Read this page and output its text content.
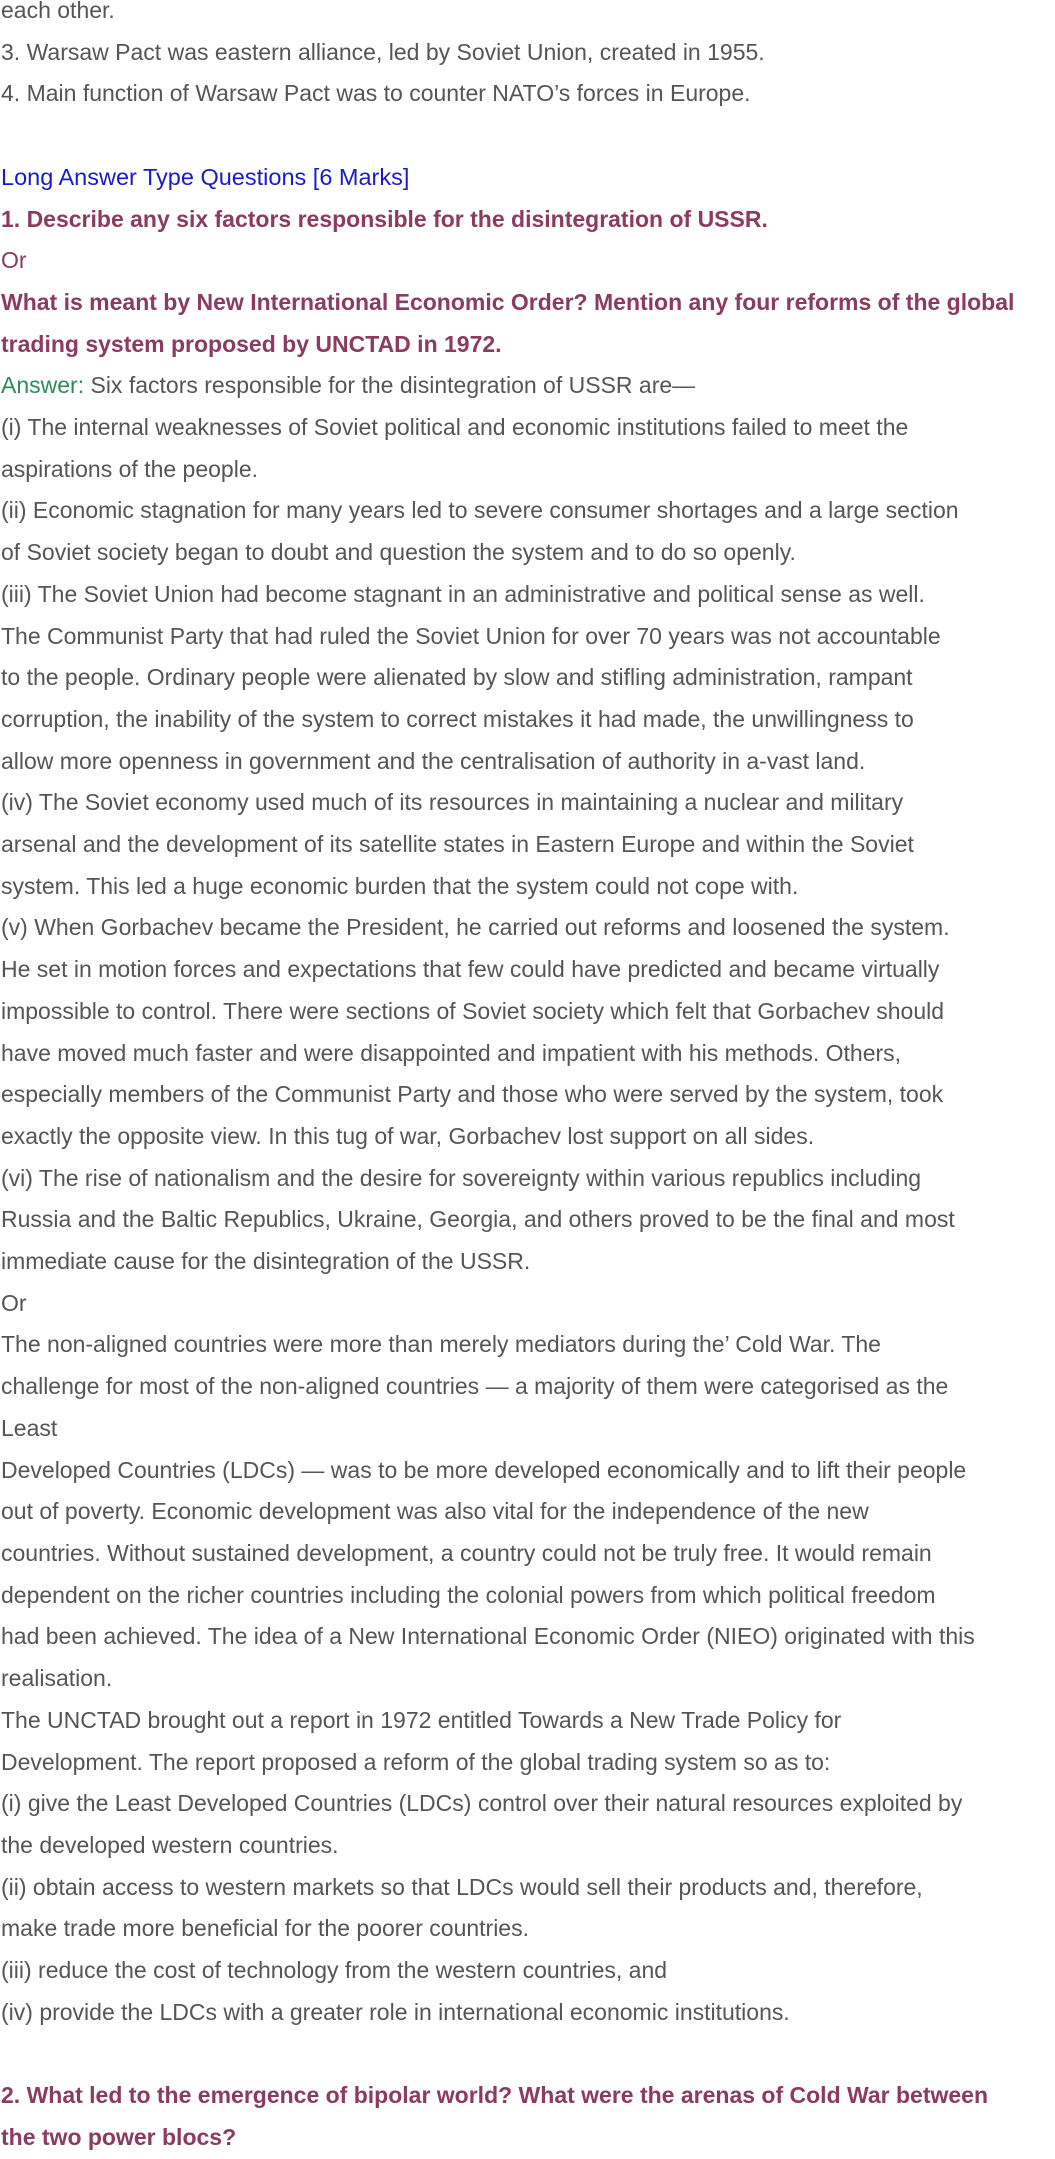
each other.
3. Warsaw Pact was eastern alliance, led by Soviet Union, created in 1955.
4. Main function of Warsaw Pact was to counter NATO’s forces in Europe.
Long Answer Type Questions [6 Marks]
1. Describe any six factors responsible for the disintegration of USSR.
Or
What is meant by New International Economic Order? Mention any four reforms of the global
trading system proposed by UNCTAD in 1972.
Answer: Six factors responsible for the disintegration of USSR are—
(i) The internal weaknesses of Soviet political and economic institutions failed to meet the
aspirations of the people.
(ii) Economic stagnation for many years led to severe consumer shortages and a large section
of Soviet society began to doubt and question the system and to do so openly.
(iii) The Soviet Union had become stagnant in an administrative and political sense as well.
The Communist Party that had ruled the Soviet Union for over 70 years was not accountable
to the people. Ordinary people were alienated by slow and stifling administration, rampant
corruption, the inability of the system to correct mistakes it had made, the unwillingness to
allow more openness in government and the centralisation of authority in a-vast land.
(iv) The Soviet economy used much of its resources in maintaining a nuclear and military
arsenal and the development of its satellite states in Eastern Europe and within the Soviet
system. This led a huge economic burden that the system could not cope with.
(v) When Gorbachev became the President, he carried out reforms and loosened the system.
He set in motion forces and expectations that few could have predicted and became virtually
impossible to control. There were sections of Soviet society which felt that Gorbachev should
have moved much faster and were disappointed and impatient with his methods. Others,
especially members of the Communist Party and those who were served by the system, took
exactly the opposite view. In this tug of war, Gorbachev lost support on all sides.
(vi) The rise of nationalism and the desire for sovereignty within various republics including
Russia and the Baltic Republics, Ukraine, Georgia, and others proved to be the final and most
immediate cause for the disintegration of the USSR.
Or
The non-aligned countries were more than merely mediators during the’ Cold War. The
challenge for most of the non-aligned countries — a majority of them were categorised as the
Least
Developed Countries (LDCs) — was to be more developed economically and to lift their people
out of poverty. Economic development was also vital for the independence of the new
countries. Without sustained development, a country could not be truly free. It would remain
dependent on the richer countries including the colonial powers from which political freedom
had been achieved. The idea of a New International Economic Order (NIEO) originated with this
realisation.
The UNCTAD brought out a report in 1972 entitled Towards a New Trade Policy for
Development. The report proposed a reform of the global trading system so as to:
(i) give the Least Developed Countries (LDCs) control over their natural resources exploited by
the developed western countries.
(ii) obtain access to western markets so that LDCs would sell their products and, therefore,
make trade more beneficial for the poorer countries.
(iii) reduce the cost of technology from the western countries, and
(iv) provide the LDCs with a greater role in international economic institutions.
2. What led to the emergence of bipolar world? What were the arenas of Cold War between
the two power blocs?
